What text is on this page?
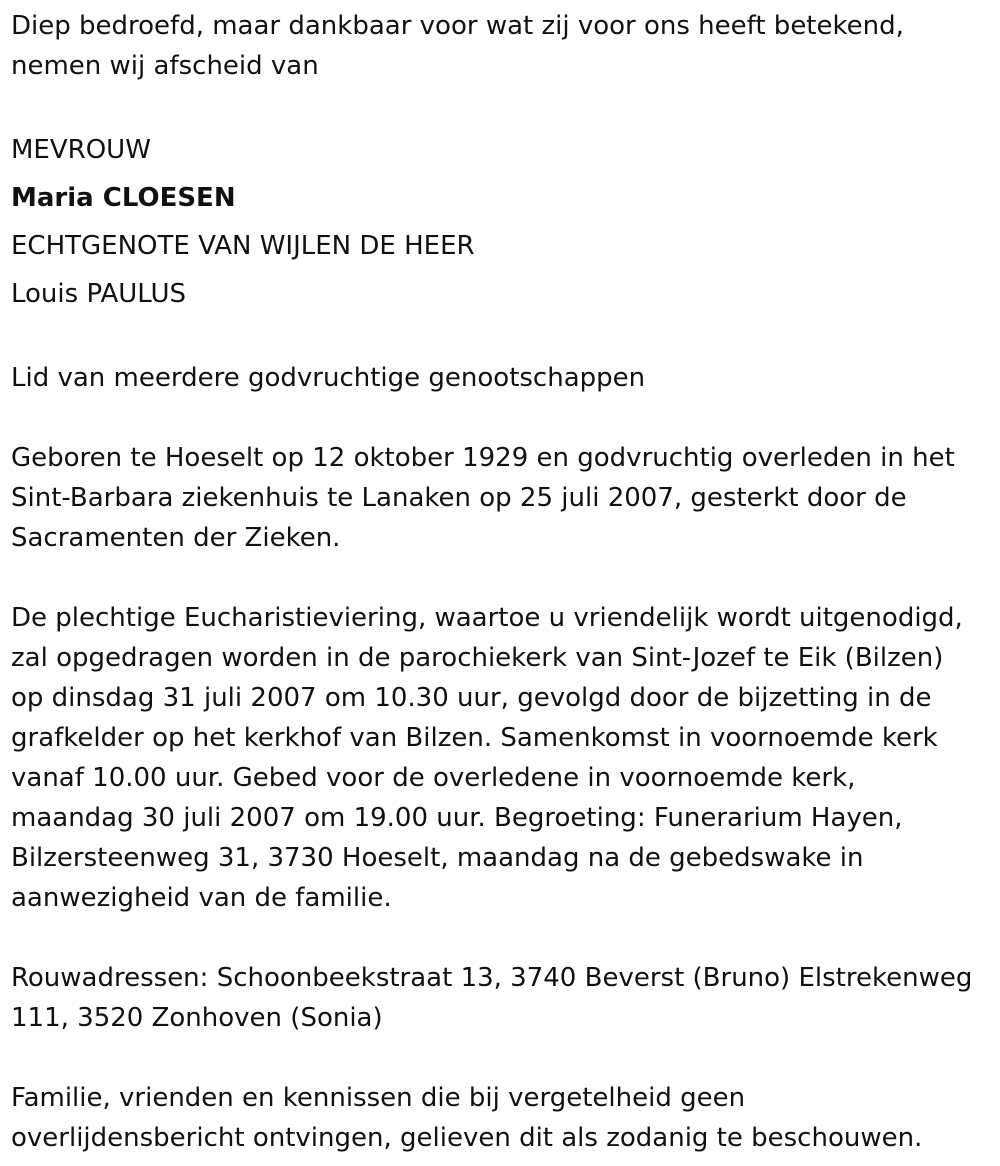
Diep bedroefd, maar dankbaar voor wat zij voor ons heeft betekend,
nemen wij afscheid van
MEVROUW
Maria CLOESEN
ECHTGENOTE VAN WIJLEN DE HEER
Louis PAULUS
Lid van meerdere godvruchtige genootschappen
Geboren te Hoeselt op 12 oktober 1929 en godvruchtig overleden in het
Sint-Barbara ziekenhuis te Lanaken op 25 juli 2007, gesterkt door de
Sacramenten der Zieken.
De plechtige Eucharistieviering, waartoe u vriendelijk wordt uitgenodigd,
zal opgedragen worden in de parochiekerk van Sint-Jozef te Eik (Bilzen)
op dinsdag 31 juli 2007 om 10.30 uur, gevolgd door de bijzetting in de
grafkelder op het kerkhof van Bilzen. Samenkomst in voornoemde kerk
vanaf 10.00 uur. Gebed voor de overledene in voornoemde kerk,
maandag 30 juli 2007 om 19.00 uur. Begroeting: Funerarium Hayen,
Bilzersteenweg 31, 3730 Hoeselt, maandag na de gebedswake in
aanwezigheid van de familie.
Rouwadressen: Schoonbeekstraat 13, 3740 Beverst (Bruno) Elstrekenweg
111, 3520 Zonhoven (Sonia)
Familie, vrienden en kennissen die bij vergetelheid geen
overlijdensbericht ontvingen, gelieven dit als zodanig te beschouwen.
